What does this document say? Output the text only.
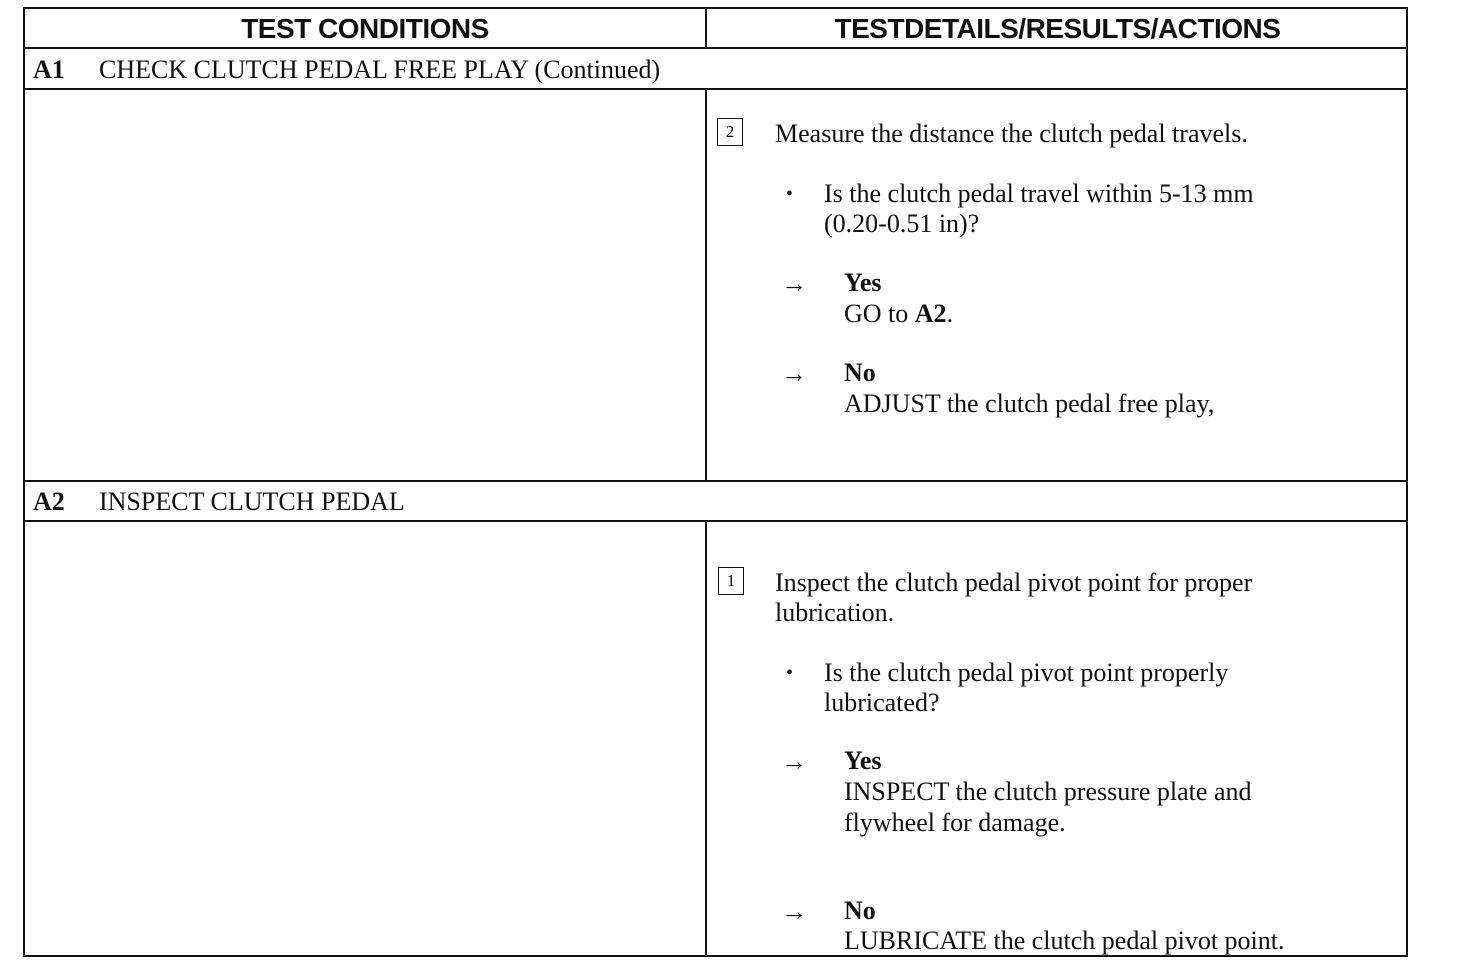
TEST CONDITIONS	TESTDETAILS/RESULTS/ACTIONS
A1 CHECK CLUTCH PEDAL FREE PLAY (Continued)
2	Measure the distance the clutch pedal travels.
• Is the clutch pedal travel within 5-13 mm
(0.20-0.51 in)?
→ Yes
GO to A2.
→ No
ADJUST the clutch pedal free play,
A2 INSPECT CLUTCH PEDAL
1	Inspect the clutch pedal pivot point for proper
lubrication.
• Is the clutch pedal pivot point properly
lubricated?
→ Yes
INSPECT the clutch pressure plate and
flywheel for damage.
→ No
LUBRICATE the clutch pedal pivot point.
